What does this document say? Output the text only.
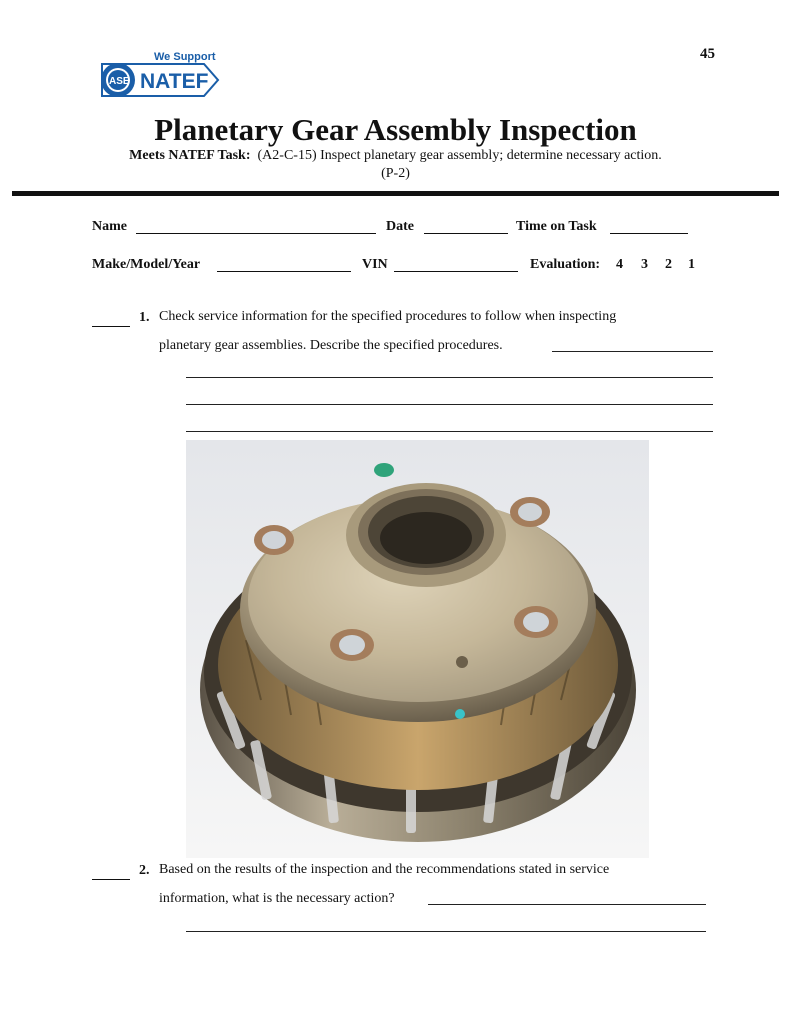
We Support
ASE NATEF
45
Planetary Gear Assembly Inspection
Meets NATEF Task: (A2-C-15) Inspect planetary gear assembly; determine necessary action.
(P-2)
Name	Date	Time on Task
Make/Model/Year	VIN	Evaluation: 4 3 2 1
1. Check service information for the specified procedures to follow when inspecting
planetary gear assemblies. Describe the specified procedures.
2. Based on the results of the inspection and the recommendations stated in service
information, what is the necessary action?
